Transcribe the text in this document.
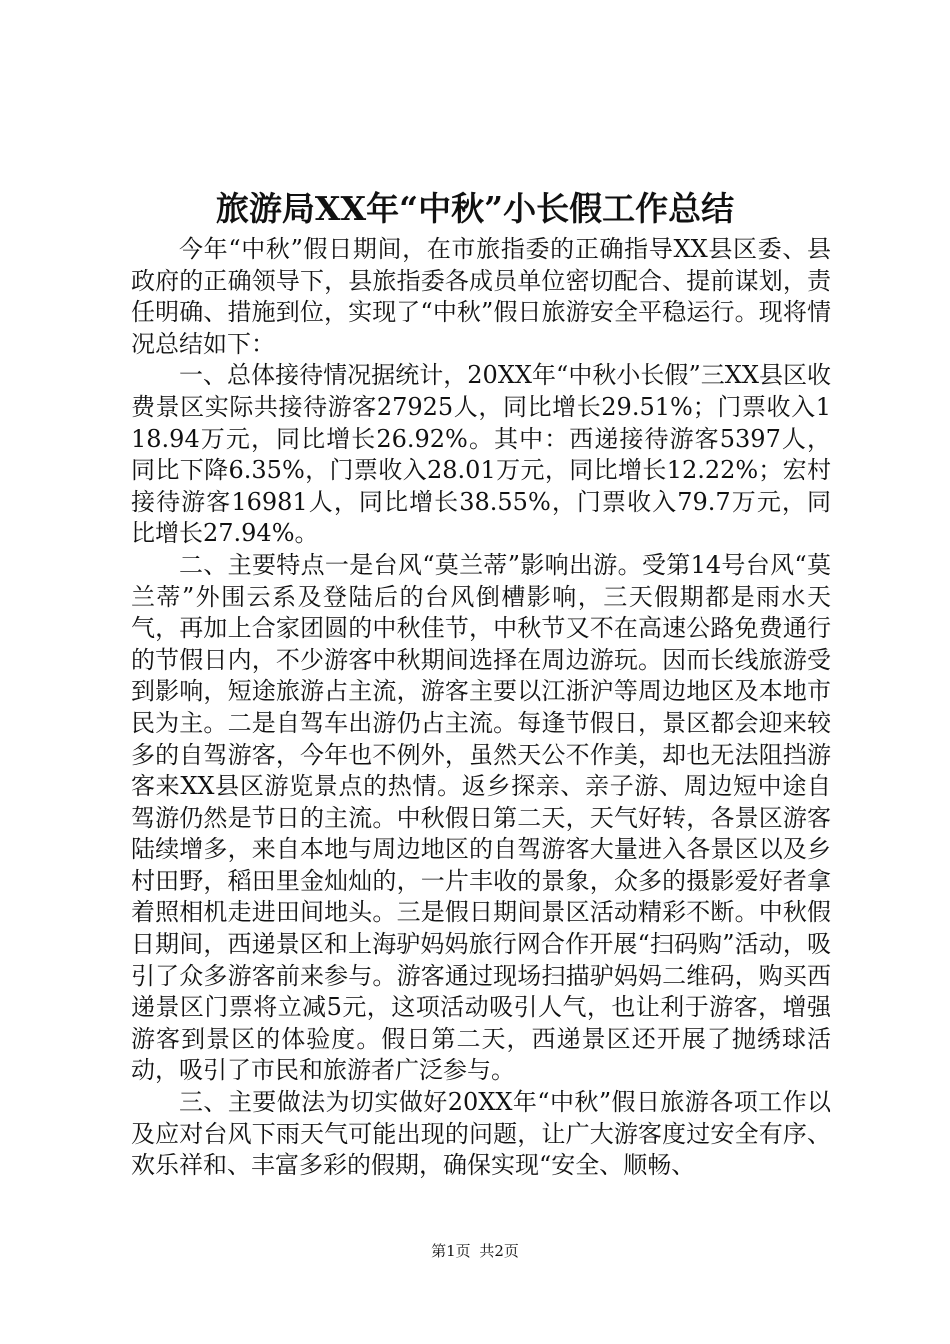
旅游局XX年“中秋”小长假工作总结

今年“中秋”假日期间，在市旅指委的正确指导XX县区委、县政府的正确领导下，县旅指委各成员单位密切配合、提前谋划，责任明确、措施到位，实现了“中秋”假日旅游安全平稳运行。现将情况总结如下：

一、总体接待情况据统计，20XX年“中秋小长假”三XX县区收费景区实际共接待游客27925人，同比增长29.51%；门票收入118.94万元，同比增长26.92%。其中：西递接待游客5397人，同比下降6.35%，门票收入28.01万元，同比增长12.22%；宏村接待游客16981人，同比增长38.55%，门票收入79.7万元，同比增长27.94%。

二、主要特点一是台风“莫兰蒂”影响出游。受第14号台风“莫兰蒂”外围云系及登陆后的台风倒槽影响，三天假期都是雨水天气，再加上合家团圆的中秋佳节，中秋节又不在高速公路免费通行的节假日内，不少游客中秋期间选择在周边游玩。因而长线旅游受到影响，短途旅游占主流，游客主要以江浙沪等周边地区及本地市民为主。二是自驾车出游仍占主流。每逢节假日，景区都会迎来较多的自驾游客，今年也不例外，虽然天公不作美，却也无法阻挡游客来XX县区游览景点的热情。返乡探亲、亲子游、周边短中途自驾游仍然是节日的主流。中秋假日第二天，天气好转，各景区游客陆续增多，来自本地与周边地区的自驾游客大量进入各景区以及乡村田野，稻田里金灿灿的，一片丰收的景象，众多的摄影爱好者拿着照相机走进田间地头。三是假日期间景区活动精彩不断。中秋假日期间，西递景区和上海驴妈妈旅行网合作开展“扫码购”活动，吸引了众多游客前来参与。游客通过现场扫描驴妈妈二维码，购买西递景区门票将立减5元，这项活动吸引人气，也让利于游客，增强游客到景区的体验度。假日第二天，西递景区还开展了抛绣球活动，吸引了市民和旅游者广泛参与。

三、主要做法为切实做好20XX年“中秋”假日旅游各项工作以及应对台风下雨天气可能出现的问题，让广大游客度过安全有序、欢乐祥和、丰富多彩的假期，确保实现“安全、顺畅、

第1页 共2页
